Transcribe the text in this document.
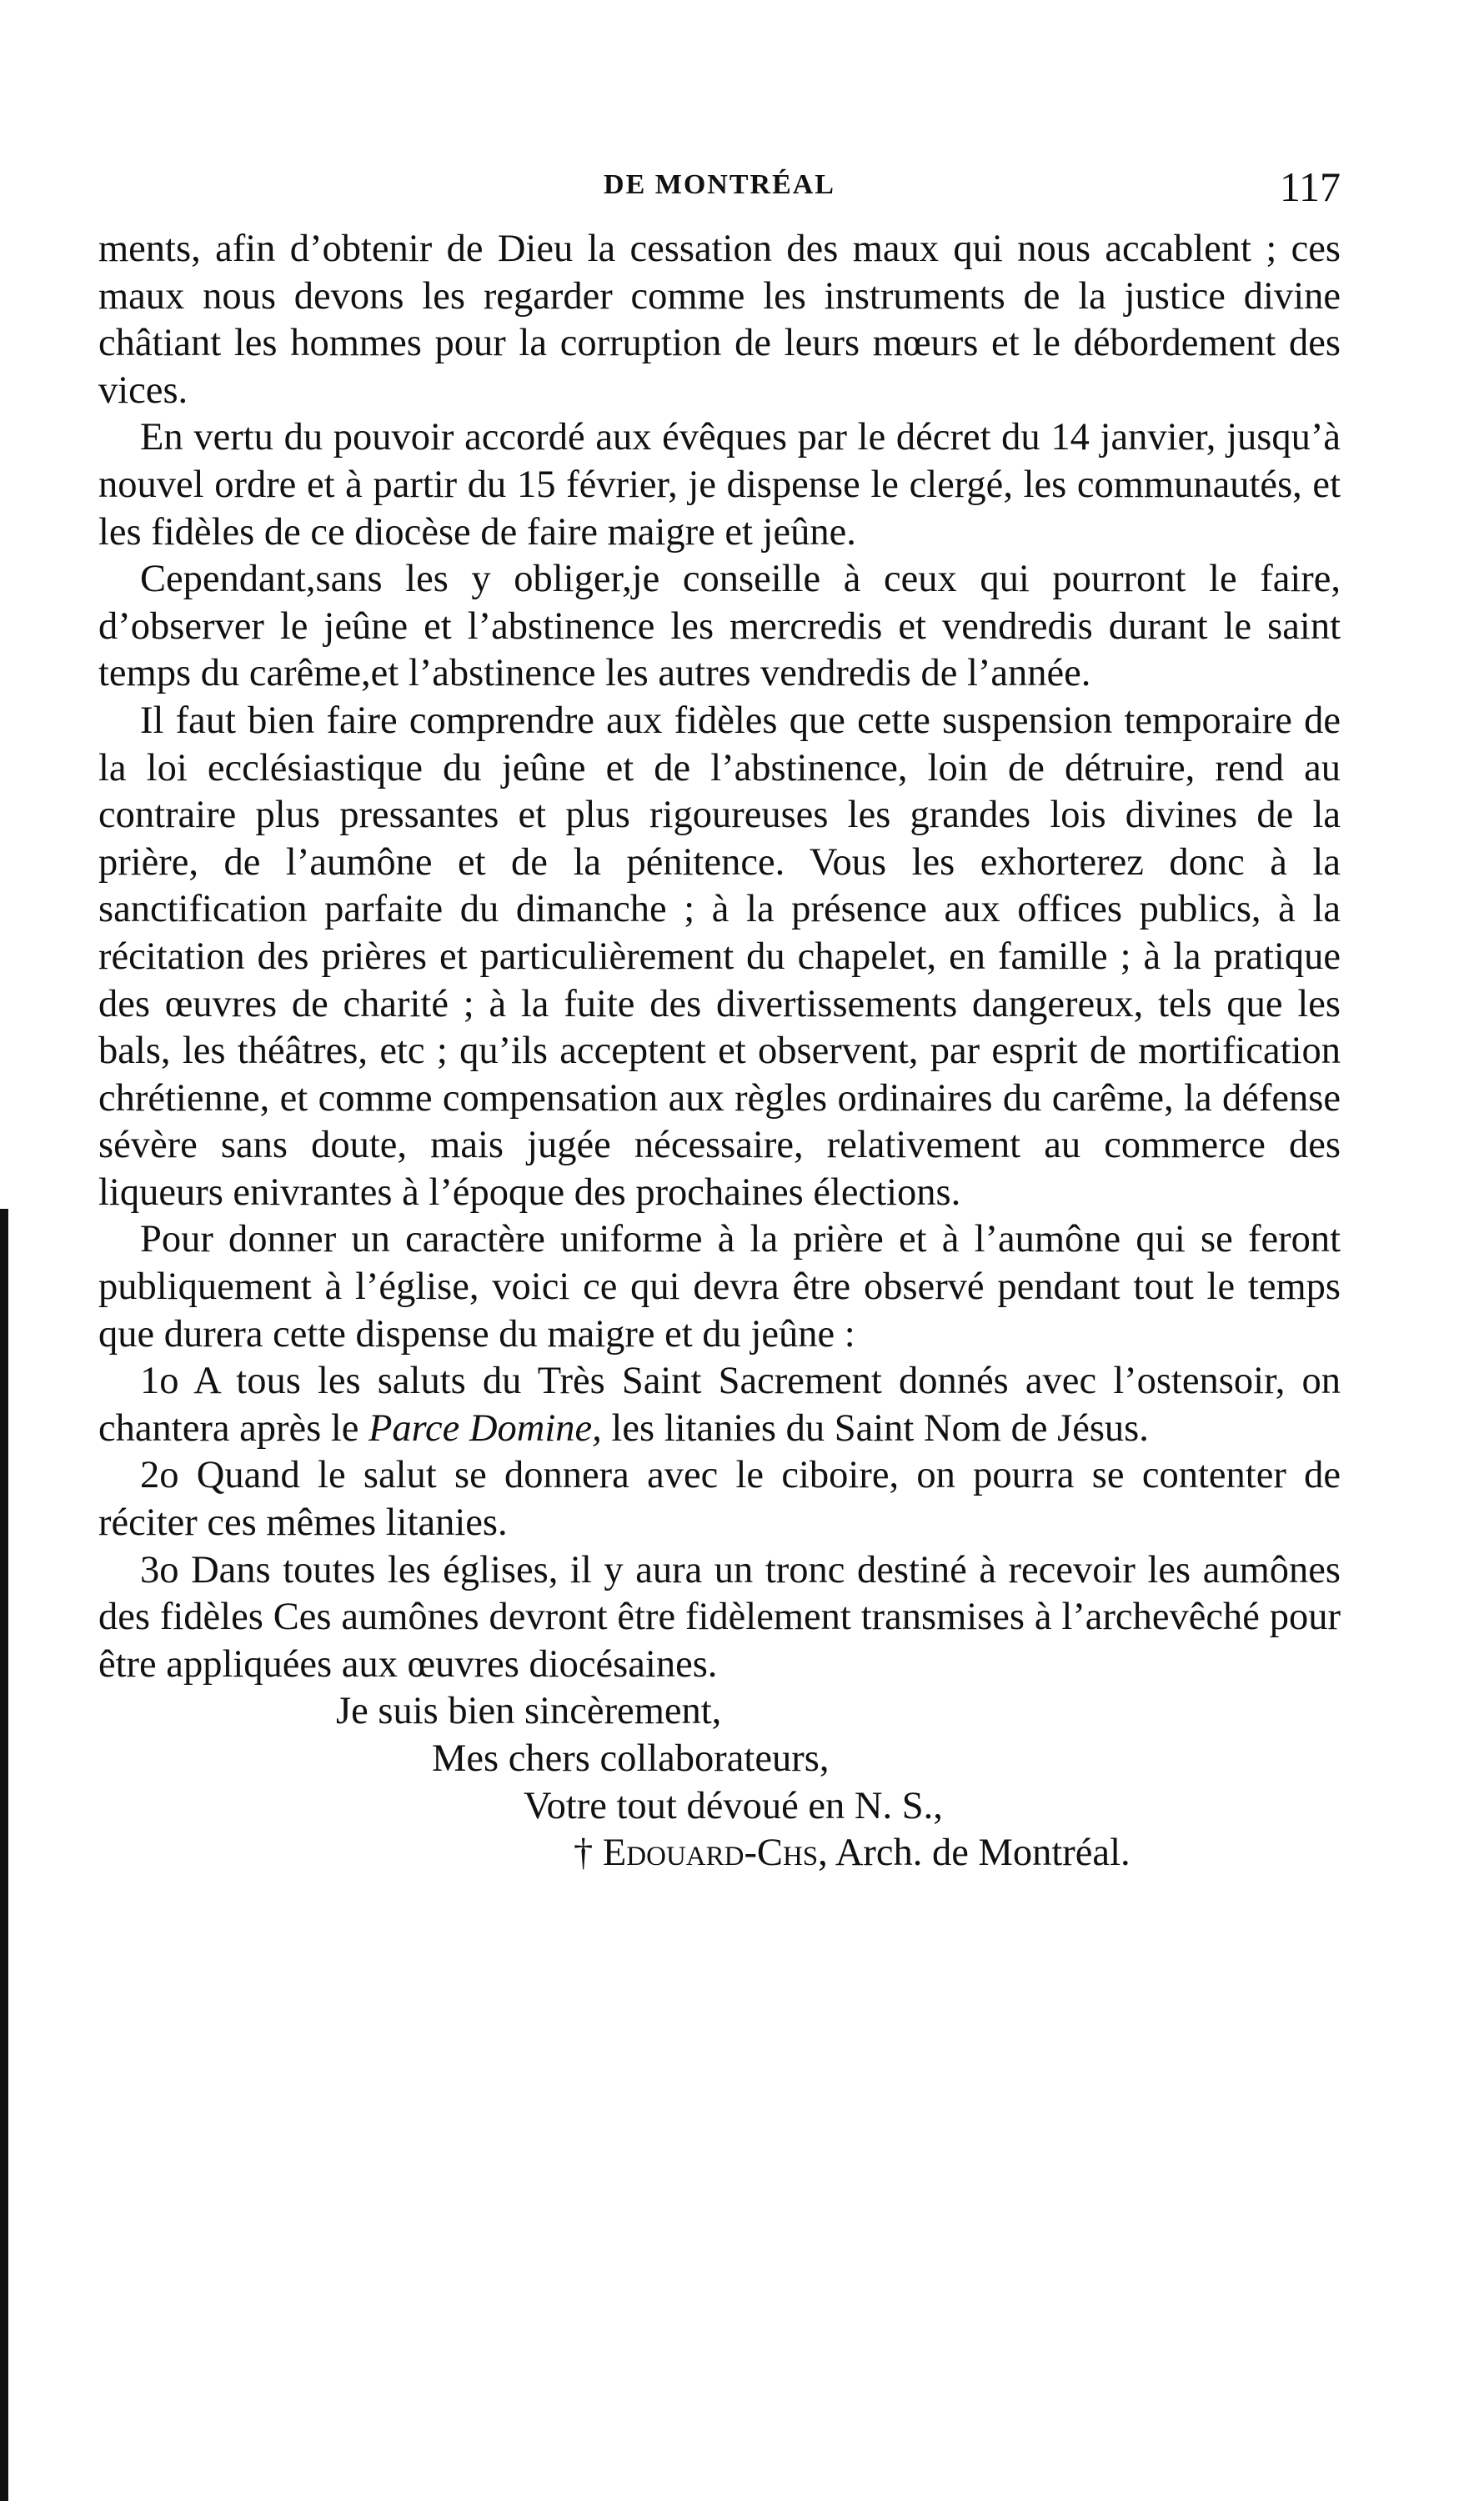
DE MONTRÉAL	117

ments, afin d’obtenir de Dieu la cessation des maux qui nous accablent ; ces maux nous devons les regarder comme les instruments de la justice divine châtiant les hommes pour la corruption de leurs mœurs et le débordement des vices.

En vertu du pouvoir accordé aux évêques par le décret du 14 janvier, jusqu’à nouvel ordre et à partir du 15 février, je dispense le clergé, les communautés, et les fidèles de ce diocèse de faire maigre et jeûne.

Cependant,sans les y obliger,je conseille à ceux qui pourront le faire, d’observer le jeûne et l’abstinence les mercredis et vendredis durant le saint temps du carême,et l’abstinence les autres vendredis de l’année.

Il faut bien faire comprendre aux fidèles que cette suspension temporaire de la loi ecclésiastique du jeûne et de l’abstinence, loin de détruire, rend au contraire plus pressantes et plus rigoureuses les grandes lois divines de la prière, de l’aumône et de la pénitence. Vous les exhorterez donc à la sanctification parfaite du dimanche ; à la présence aux offices publics, à la récitation des prières et particulièrement du chapelet, en famille ; à la pratique des œuvres de charité ; à la fuite des divertissements dangereux, tels que les bals, les théâtres, etc ; qu’ils acceptent et observent, par esprit de mortification chrétienne, et comme compensation aux règles ordinaires du carême, la défense sévère sans doute, mais jugée nécessaire, relativement au commerce des liqueurs enivrantes à l’époque des prochaines élections.

Pour donner un caractère uniforme à la prière et à l’aumône qui se feront publiquement à l’église, voici ce qui devra être observé pendant tout le temps que durera cette dispense du maigre et du jeûne :

1o A tous les saluts du Très Saint Sacrement donnés avec l’ostensoir, on chantera après le Parce Domine, les litanies du Saint Nom de Jésus.

2o Quand le salut se donnera avec le ciboire, on pourra se contenter de réciter ces mêmes litanies.

3o Dans toutes les églises, il y aura un tronc destiné à recevoir les aumônes des fidèles Ces aumônes devront être fidèlement transmises à l’archevêché pour être appliquées aux œuvres diocésaines.

Je suis bien sincèrement,
Mes chers collaborateurs,
Votre tout dévoué en N. S.,
† Edouard-Chs, Arch. de Montréal.
